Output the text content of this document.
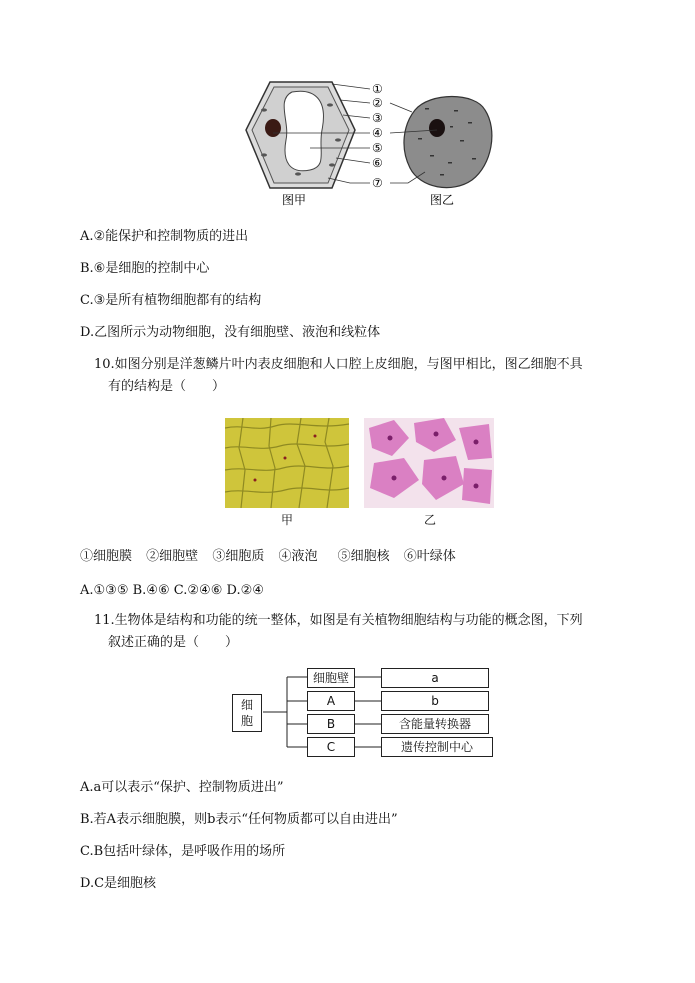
①
②
③
④
⑤
⑥
⑦
图甲	图乙
A.②能保护和控制物质的进出
B.⑥是细胞的控制中心
C.③是所有植物细胞都有的结构
D.乙图所示为动物细胞，没有细胞壁、液泡和线粒体
10.如图分别是洋葱鳞片叶内表皮细胞和人口腔上皮细胞，与图甲相比，图乙细胞不具
有的结构是（　　）
甲	乙
①细胞膜 ②细胞壁 ③细胞质 ④液泡 ⑤细胞核 ⑥叶绿体
A.①③⑤ B.④⑥ C.②④⑥ D.②④
11.生物体是结构和功能的统一整体，如图是有关植物细胞结构与功能的概念图，下列
叙述正确的是（　　）
细
胞
细胞壁
A
B
C
a
b
含能量转换器
遗传控制中心
A.a可以表示“保护、控制物质进出”
B.若A表示细胞膜，则b表示“任何物质都可以自由进出”
C.B包括叶绿体，是呼吸作用的场所
D.C是细胞核
